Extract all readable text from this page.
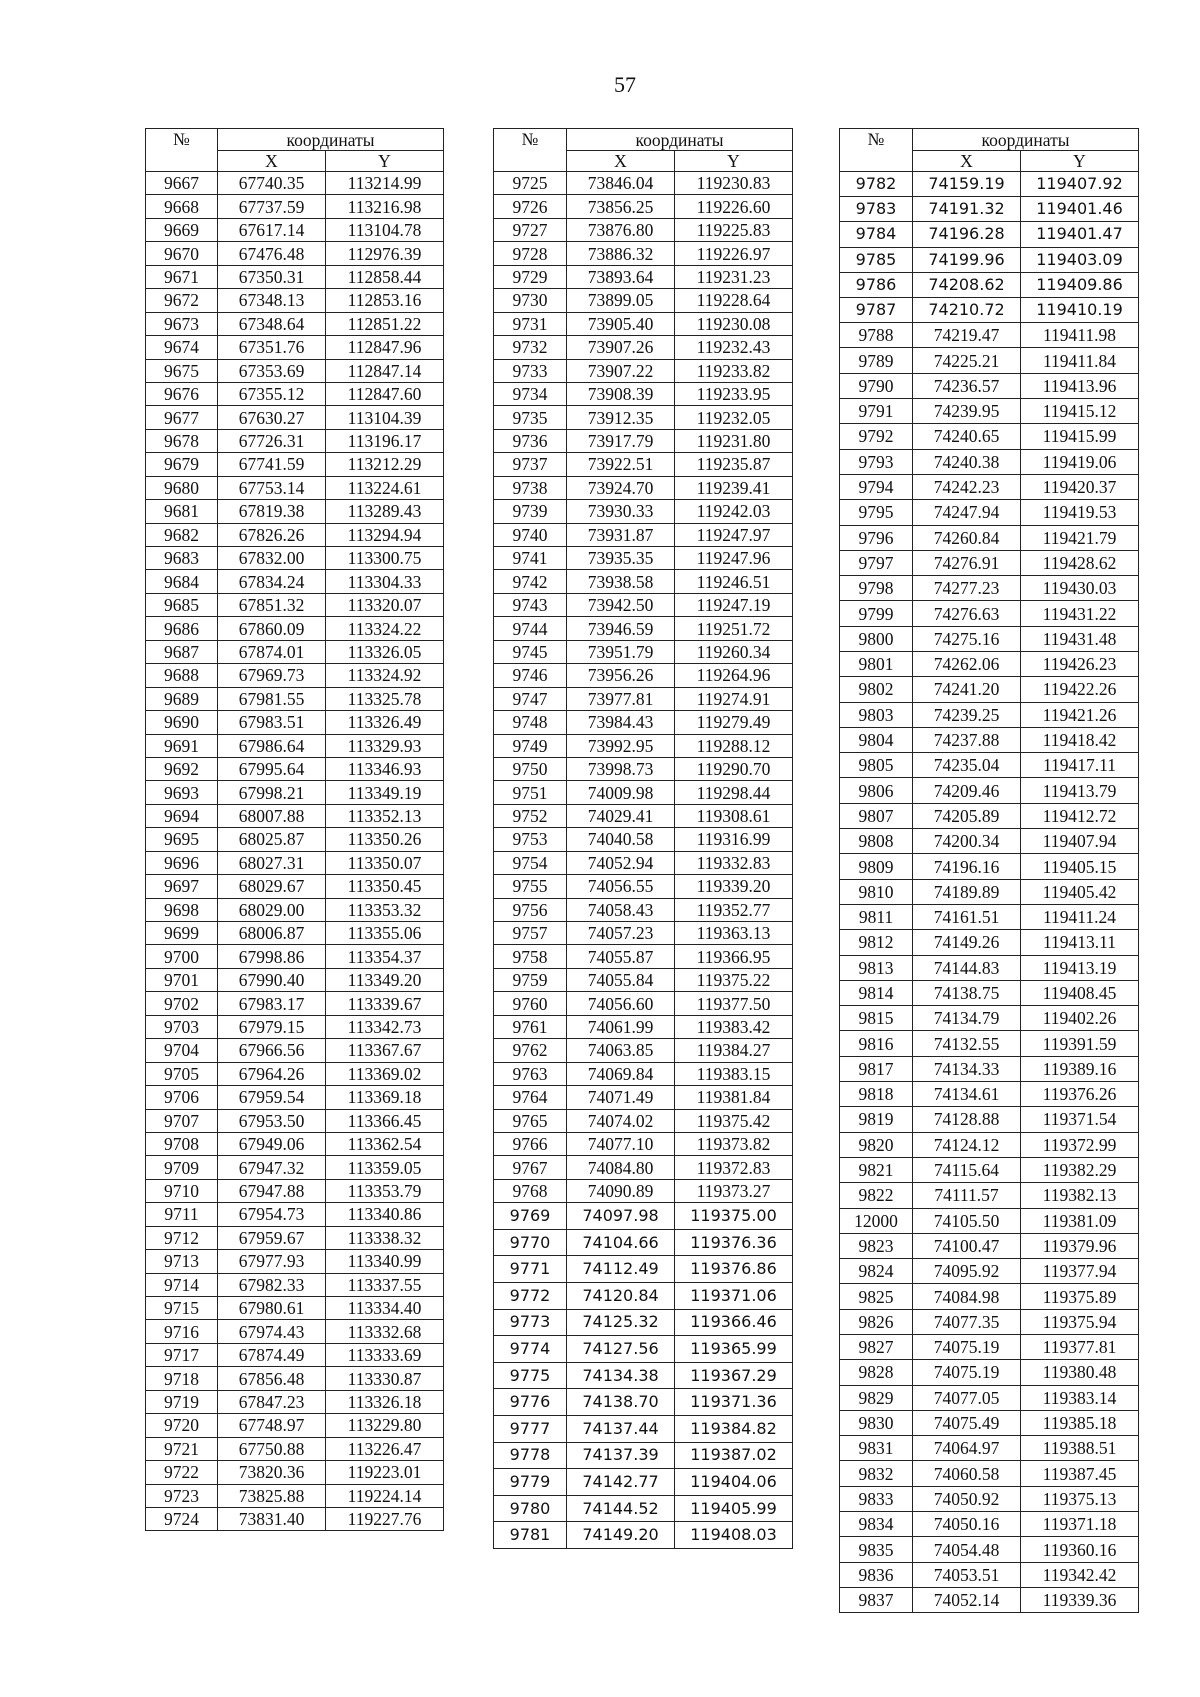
57
№	координаты	
	X	Y
9667	67740.35	113214.99
9668	67737.59	113216.98
9669	67617.14	113104.78
9670	67476.48	112976.39
9671	67350.31	112858.44
9672	67348.13	112853.16
9673	67348.64	112851.22
9674	67351.76	112847.96
9675	67353.69	112847.14
9676	67355.12	112847.60
9677	67630.27	113104.39
9678	67726.31	113196.17
9679	67741.59	113212.29
9680	67753.14	113224.61
9681	67819.38	113289.43
9682	67826.26	113294.94
9683	67832.00	113300.75
9684	67834.24	113304.33
9685	67851.32	113320.07
9686	67860.09	113324.22
9687	67874.01	113326.05
9688	67969.73	113324.92
9689	67981.55	113325.78
9690	67983.51	113326.49
9691	67986.64	113329.93
9692	67995.64	113346.93
9693	67998.21	113349.19
9694	68007.88	113352.13
9695	68025.87	113350.26
9696	68027.31	113350.07
9697	68029.67	113350.45
9698	68029.00	113353.32
9699	68006.87	113355.06
9700	67998.86	113354.37
9701	67990.40	113349.20
9702	67983.17	113339.67
9703	67979.15	113342.73
9704	67966.56	113367.67
9705	67964.26	113369.02
9706	67959.54	113369.18
9707	67953.50	113366.45
9708	67949.06	113362.54
9709	67947.32	113359.05
9710	67947.88	113353.79
9711	67954.73	113340.86
9712	67959.67	113338.32
9713	67977.93	113340.99
9714	67982.33	113337.55
9715	67980.61	113334.40
9716	67974.43	113332.68
9717	67874.49	113333.69
9718	67856.48	113330.87
9719	67847.23	113326.18
9720	67748.97	113229.80
9721	67750.88	113226.47
9722	73820.36	119223.01
9723	73825.88	119224.14
9724	73831.40	119227.76
№	координаты	
	X	Y
9725	73846.04	119230.83
9726	73856.25	119226.60
9727	73876.80	119225.83
9728	73886.32	119226.97
9729	73893.64	119231.23
9730	73899.05	119228.64
9731	73905.40	119230.08
9732	73907.26	119232.43
9733	73907.22	119233.82
9734	73908.39	119233.95
9735	73912.35	119232.05
9736	73917.79	119231.80
9737	73922.51	119235.87
9738	73924.70	119239.41
9739	73930.33	119242.03
9740	73931.87	119247.97
9741	73935.35	119247.96
9742	73938.58	119246.51
9743	73942.50	119247.19
9744	73946.59	119251.72
9745	73951.79	119260.34
9746	73956.26	119264.96
9747	73977.81	119274.91
9748	73984.43	119279.49
9749	73992.95	119288.12
9750	73998.73	119290.70
9751	74009.98	119298.44
9752	74029.41	119308.61
9753	74040.58	119316.99
9754	74052.94	119332.83
9755	74056.55	119339.20
9756	74058.43	119352.77
9757	74057.23	119363.13
9758	74055.87	119366.95
9759	74055.84	119375.22
9760	74056.60	119377.50
9761	74061.99	119383.42
9762	74063.85	119384.27
9763	74069.84	119383.15
9764	74071.49	119381.84
9765	74074.02	119375.42
9766	74077.10	119373.82
9767	74084.80	119372.83
9768	74090.89	119373.27
9769	74097.98	119375.00
9770	74104.66	119376.36
9771	74112.49	119376.86
9772	74120.84	119371.06
9773	74125.32	119366.46
9774	74127.56	119365.99
9775	74134.38	119367.29
9776	74138.70	119371.36
9777	74137.44	119384.82
9778	74137.39	119387.02
9779	74142.77	119404.06
9780	74144.52	119405.99
9781	74149.20	119408.03
№	координаты	
	X	Y
9782	74159.19	119407.92
9783	74191.32	119401.46
9784	74196.28	119401.47
9785	74199.96	119403.09
9786	74208.62	119409.86
9787	74210.72	119410.19
9788	74219.47	119411.98
9789	74225.21	119411.84
9790	74236.57	119413.96
9791	74239.95	119415.12
9792	74240.65	119415.99
9793	74240.38	119419.06
9794	74242.23	119420.37
9795	74247.94	119419.53
9796	74260.84	119421.79
9797	74276.91	119428.62
9798	74277.23	119430.03
9799	74276.63	119431.22
9800	74275.16	119431.48
9801	74262.06	119426.23
9802	74241.20	119422.26
9803	74239.25	119421.26
9804	74237.88	119418.42
9805	74235.04	119417.11
9806	74209.46	119413.79
9807	74205.89	119412.72
9808	74200.34	119407.94
9809	74196.16	119405.15
9810	74189.89	119405.42
9811	74161.51	119411.24
9812	74149.26	119413.11
9813	74144.83	119413.19
9814	74138.75	119408.45
9815	74134.79	119402.26
9816	74132.55	119391.59
9817	74134.33	119389.16
9818	74134.61	119376.26
9819	74128.88	119371.54
9820	74124.12	119372.99
9821	74115.64	119382.29
9822	74111.57	119382.13
12000	74105.50	119381.09
9823	74100.47	119379.96
9824	74095.92	119377.94
9825	74084.98	119375.89
9826	74077.35	119375.94
9827	74075.19	119377.81
9828	74075.19	119380.48
9829	74077.05	119383.14
9830	74075.49	119385.18
9831	74064.97	119388.51
9832	74060.58	119387.45
9833	74050.92	119375.13
9834	74050.16	119371.18
9835	74054.48	119360.16
9836	74053.51	119342.42
9837	74052.14	119339.36
